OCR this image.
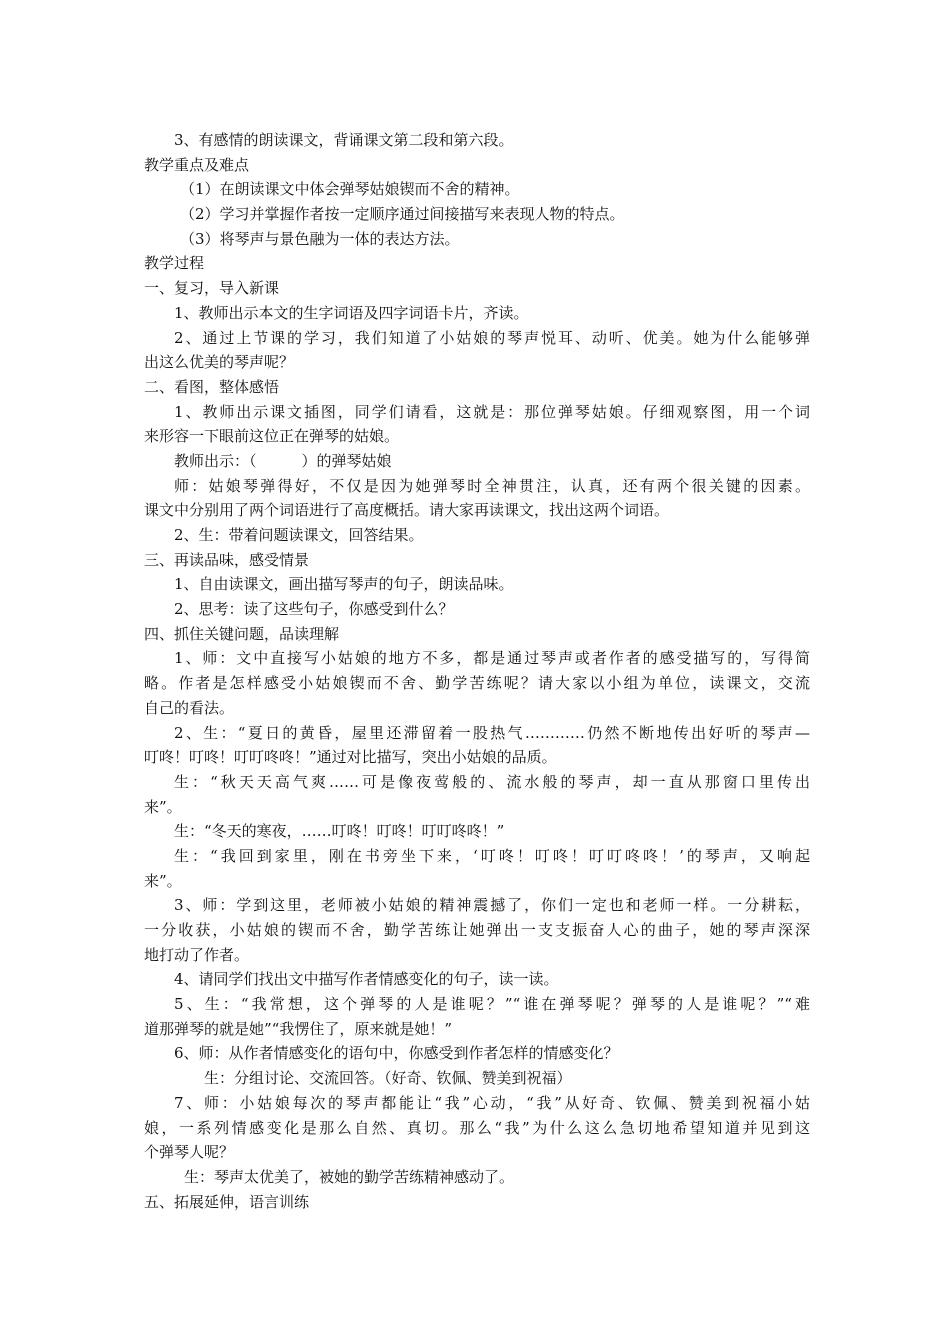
3、有感情的朗读课文，背诵课文第二段和第六段。
教学重点及难点
（1）在朗读课文中体会弹琴姑娘锲而不舍的精神。
（2）学习并掌握作者按一定顺序通过间接描写来表现人物的特点。
（3）将琴声与景色融为一体的表达方法。
教学过程
一、复习，导入新课
1、教师出示本文的生字词语及四字词语卡片，齐读。
2、通过上节课的学习，我们知道了小姑娘的琴声悦耳、动听、优美。她为什么能够弹
出这么优美的琴声呢？
二、看图，整体感悟
1、教师出示课文插图，同学们请看，这就是：那位弹琴姑娘。仔细观察图，用一个词
来形容一下眼前这位正在弹琴的姑娘。
教师出示：（　　　）的弹琴姑娘
师：姑娘琴弹得好，不仅是因为她弹琴时全神贯注，认真，还有两个很关键的因素。
课文中分别用了两个词语进行了高度概括。请大家再读课文，找出这两个词语。
2、生：带着问题读课文，回答结果。
三、再读品味，感受情景
1、自由读课文，画出描写琴声的句子，朗读品味。
2、思考：读了这些句子，你感受到什么？
四、抓住关键问题，品读理解
1、师：文中直接写小姑娘的地方不多，都是通过琴声或者作者的感受描写的，写得简
略。作者是怎样感受小姑娘锲而不舍、勤学苦练呢？请大家以小组为单位，读课文，交流
自己的看法。
2、生：“夏日的黄昏，屋里还滞留着一股热气…………仍然不断地传出好听的琴声—
叮咚！叮咚！叮叮咚咚！”通过对比描写，突出小姑娘的品质。
生：“秋天天高气爽……可是像夜莺般的、流水般的琴声，却一直从那窗口里传出
来”。
生：“冬天的寒夜，……叮咚！叮咚！叮叮咚咚！”
生：“我回到家里，刚在书旁坐下来，‘叮咚！叮咚！叮叮咚咚！’的琴声，又响起
来”。
3、师：学到这里，老师被小姑娘的精神震撼了，你们一定也和老师一样。一分耕耘，
一分收获，小姑娘的锲而不舍，勤学苦练让她弹出一支支振奋人心的曲子，她的琴声深深
地打动了作者。
4、请同学们找出文中描写作者情感变化的句子，读一读。
5、生：“我常想，这个弹琴的人是谁呢？”“谁在弹琴呢？弹琴的人是谁呢？”“难
道那弹琴的就是她”“我愣住了，原来就是她！”
6、师：从作者情感变化的语句中，你感受到作者怎样的情感变化？
生：分组讨论、交流回答。（好奇、钦佩、赞美到祝福）
7、师：小姑娘每次的琴声都能让“我”心动，“我”从好奇、钦佩、赞美到祝福小姑
娘，一系列情感变化是那么自然、真切。那么“我”为什么这么急切地希望知道并见到这
个弹琴人呢？
生：琴声太优美了，被她的勤学苦练精神感动了。
五、拓展延伸，语言训练
